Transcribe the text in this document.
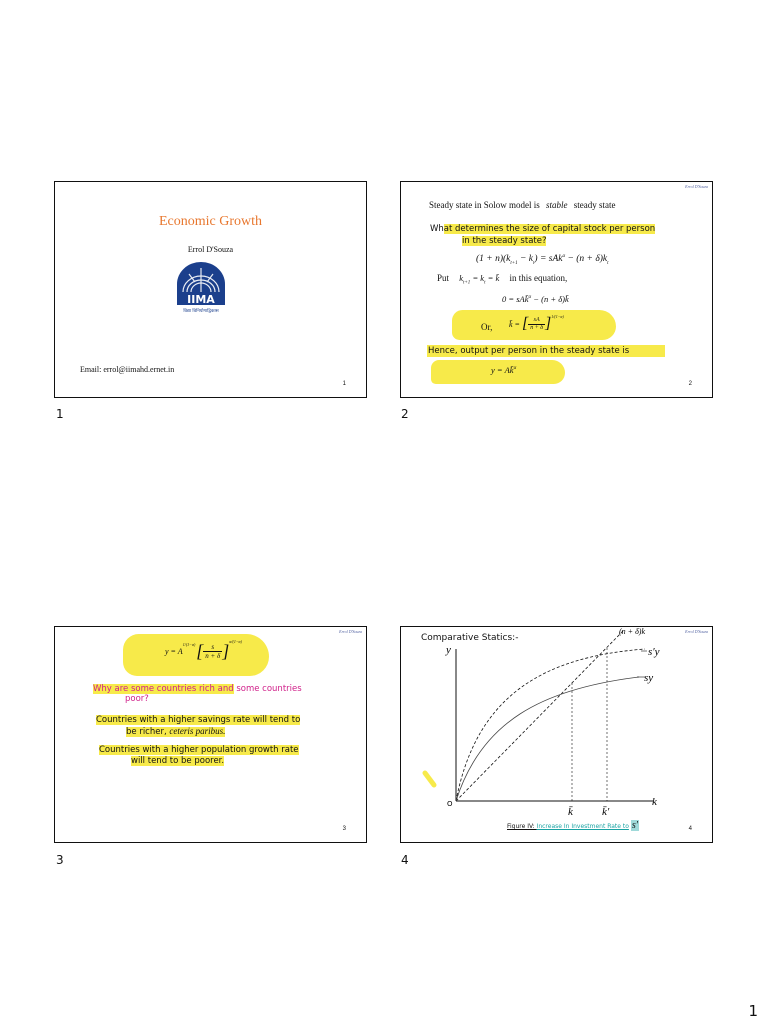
Economic Growth
Errol D'Souza
IIMA
विद्या विनियोगाद्विकास
Email: errol@iimahd.ernet.in
1
1
Errol D'Souza
Steady state in Solow model is stable steady state
What determines the size of capital stock per person
in the steady state?
$(1 + n)(k_{t+1} - k_t) = sAk^\alpha - (n + \delta)k_t$
Put $k_{t+1} = k_t$ = k̄ in this equation,
0 = sAk̄$^\alpha$ − (n + δ)k̄
Or, k̄ = [ sA
n + δ ]$^{1/(1-\alpha)}$
Hence, output per person in the steady state is
y = Ak̄$^\alpha$
2
2
Errol D'Souza
y = A
$^{1/(1-\alpha)}$ [ s
n + δ ]$^{\alpha/(1-\alpha)}$
Why are some countries rich and some countries
poor?
Countries with a higher savings rate will tend to
be richer, ceteris paribus.
Countries with a higher population growth rate
will tend to be poorer.
3
3
Errol D'Souza
Comparative Statics:-
y
k
O
(n + δ)k
s′y
sy
k̄	k̄′
Figure IV: Increase In Investment Rate to s′	4
4
1
